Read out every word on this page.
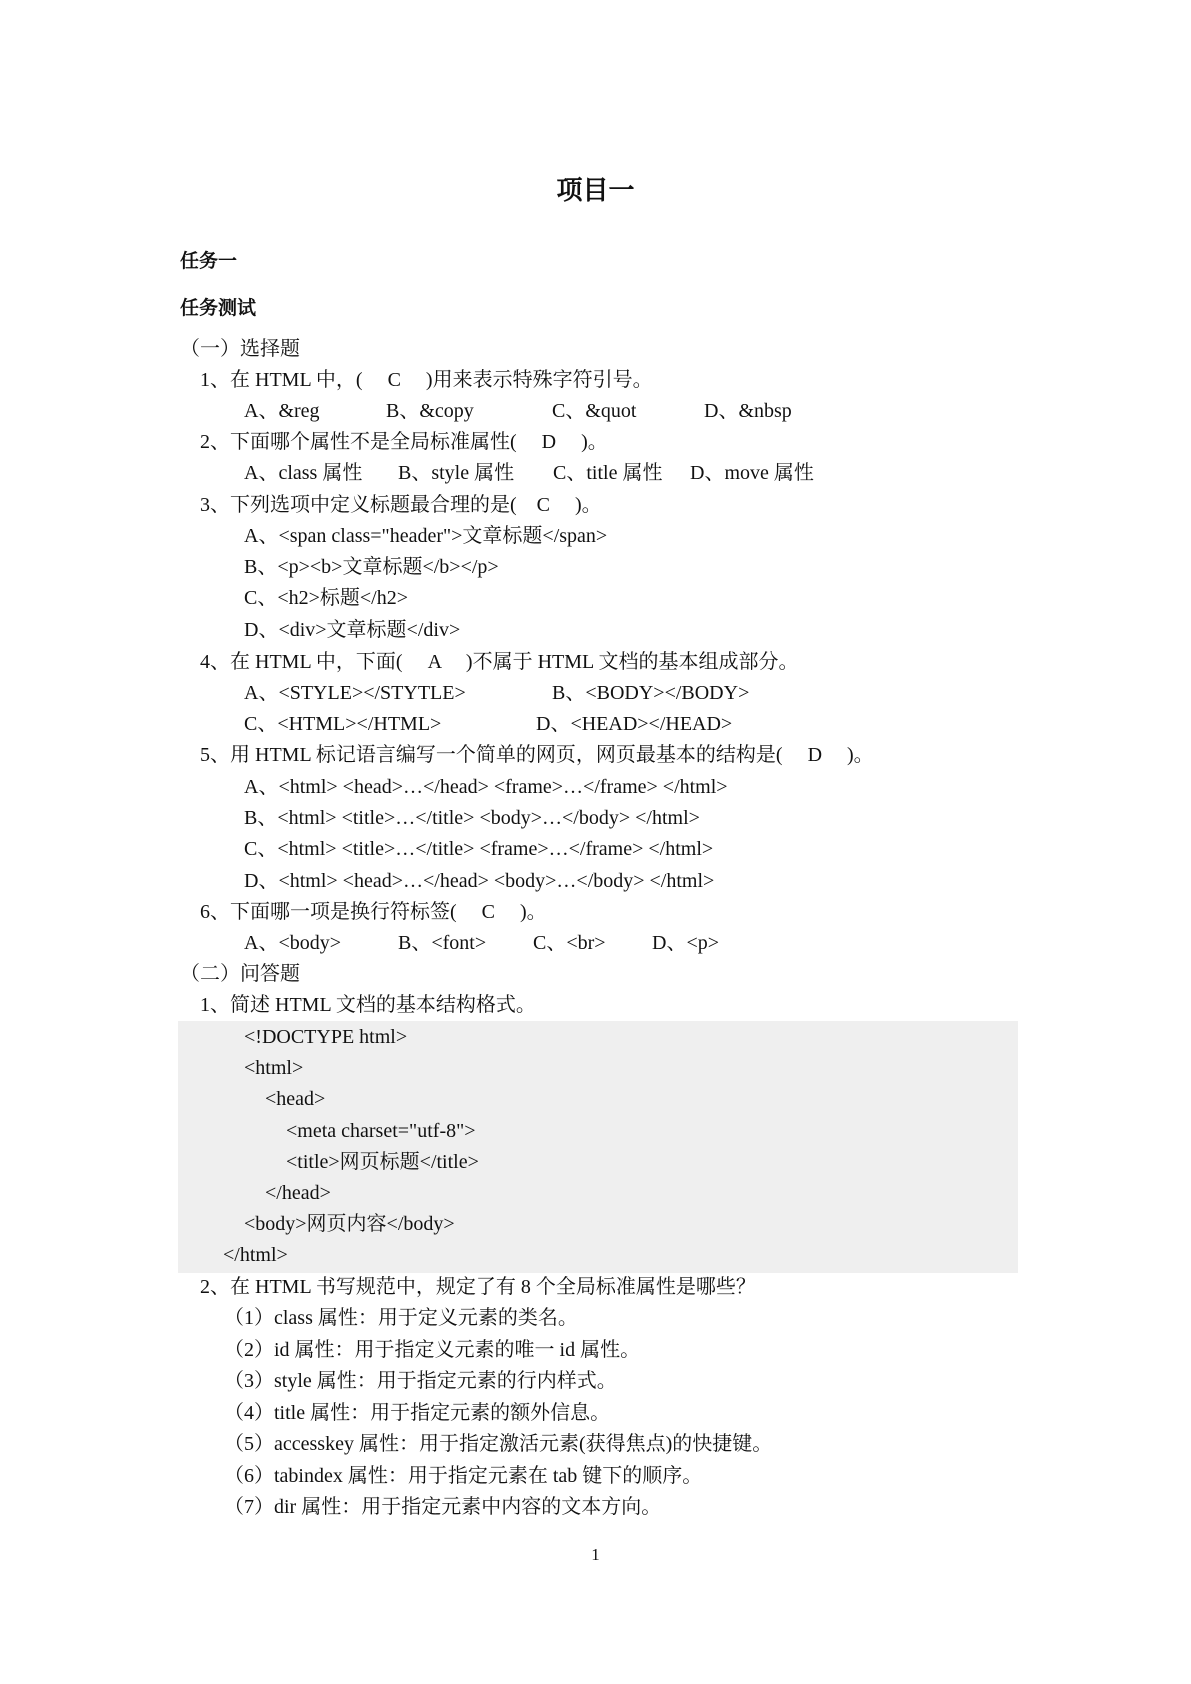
项目一
任务一
任务测试
（一）选择题
1、在 HTML 中，(　 C　 )用来表示特殊字符引号。
A、&reg	B、&copy	C、&quot	D、&nbsp
2、下面哪个属性不是全局标准属性(　 D　 )。
A、class 属性 B、style 属性 C、title 属性 D、move 属性
3、下列选项中定义标题最合理的是(　C　 )。
A、<span class="header">文章标题</span>
B、<p><b>文章标题</b></p>
C、<h2>标题</h2>
D、<div>文章标题</div>
4、在 HTML 中，下面(　 A　 )不属于 HTML 文档的基本组成部分。
A、<STYLE></STYTLE>	B、<BODY></BODY>
C、<HTML></HTML>	D、<HEAD></HEAD>
5、用 HTML 标记语言编写一个简单的网页，网页最基本的结构是(　 D　 )。
A、<html> <head>…</head> <frame>…</frame> </html>
B、<html> <title>…</title> <body>…</body> </html>
C、<html> <title>…</title> <frame>…</frame> </html>
D、<html> <head>…</head> <body>…</body> </html>
6、下面哪一项是换行符标签(　 C　 )。
A、<body>	B、<font> C、<br> D、<p>
（二）问答题
1、简述 HTML 文档的基本结构格式。
<!DOCTYPE html>
<html>
<head>
<meta charset="utf-8">
<title>网页标题</title>
</head>
<body>网页内容</body>
</html>
2、在 HTML 书写规范中，规定了有 8 个全局标准属性是哪些？
（1）class 属性：用于定义元素的类名。
（2）id 属性：用于指定义元素的唯一 id 属性。
（3）style 属性：用于指定元素的行内样式。
（4）title 属性：用于指定元素的额外信息。
（5）accesskey 属性：用于指定激活元素(获得焦点)的快捷键。
（6）tabindex 属性：用于指定元素在 tab 键下的顺序。
（7）dir 属性：用于指定元素中内容的文本方向。
1
